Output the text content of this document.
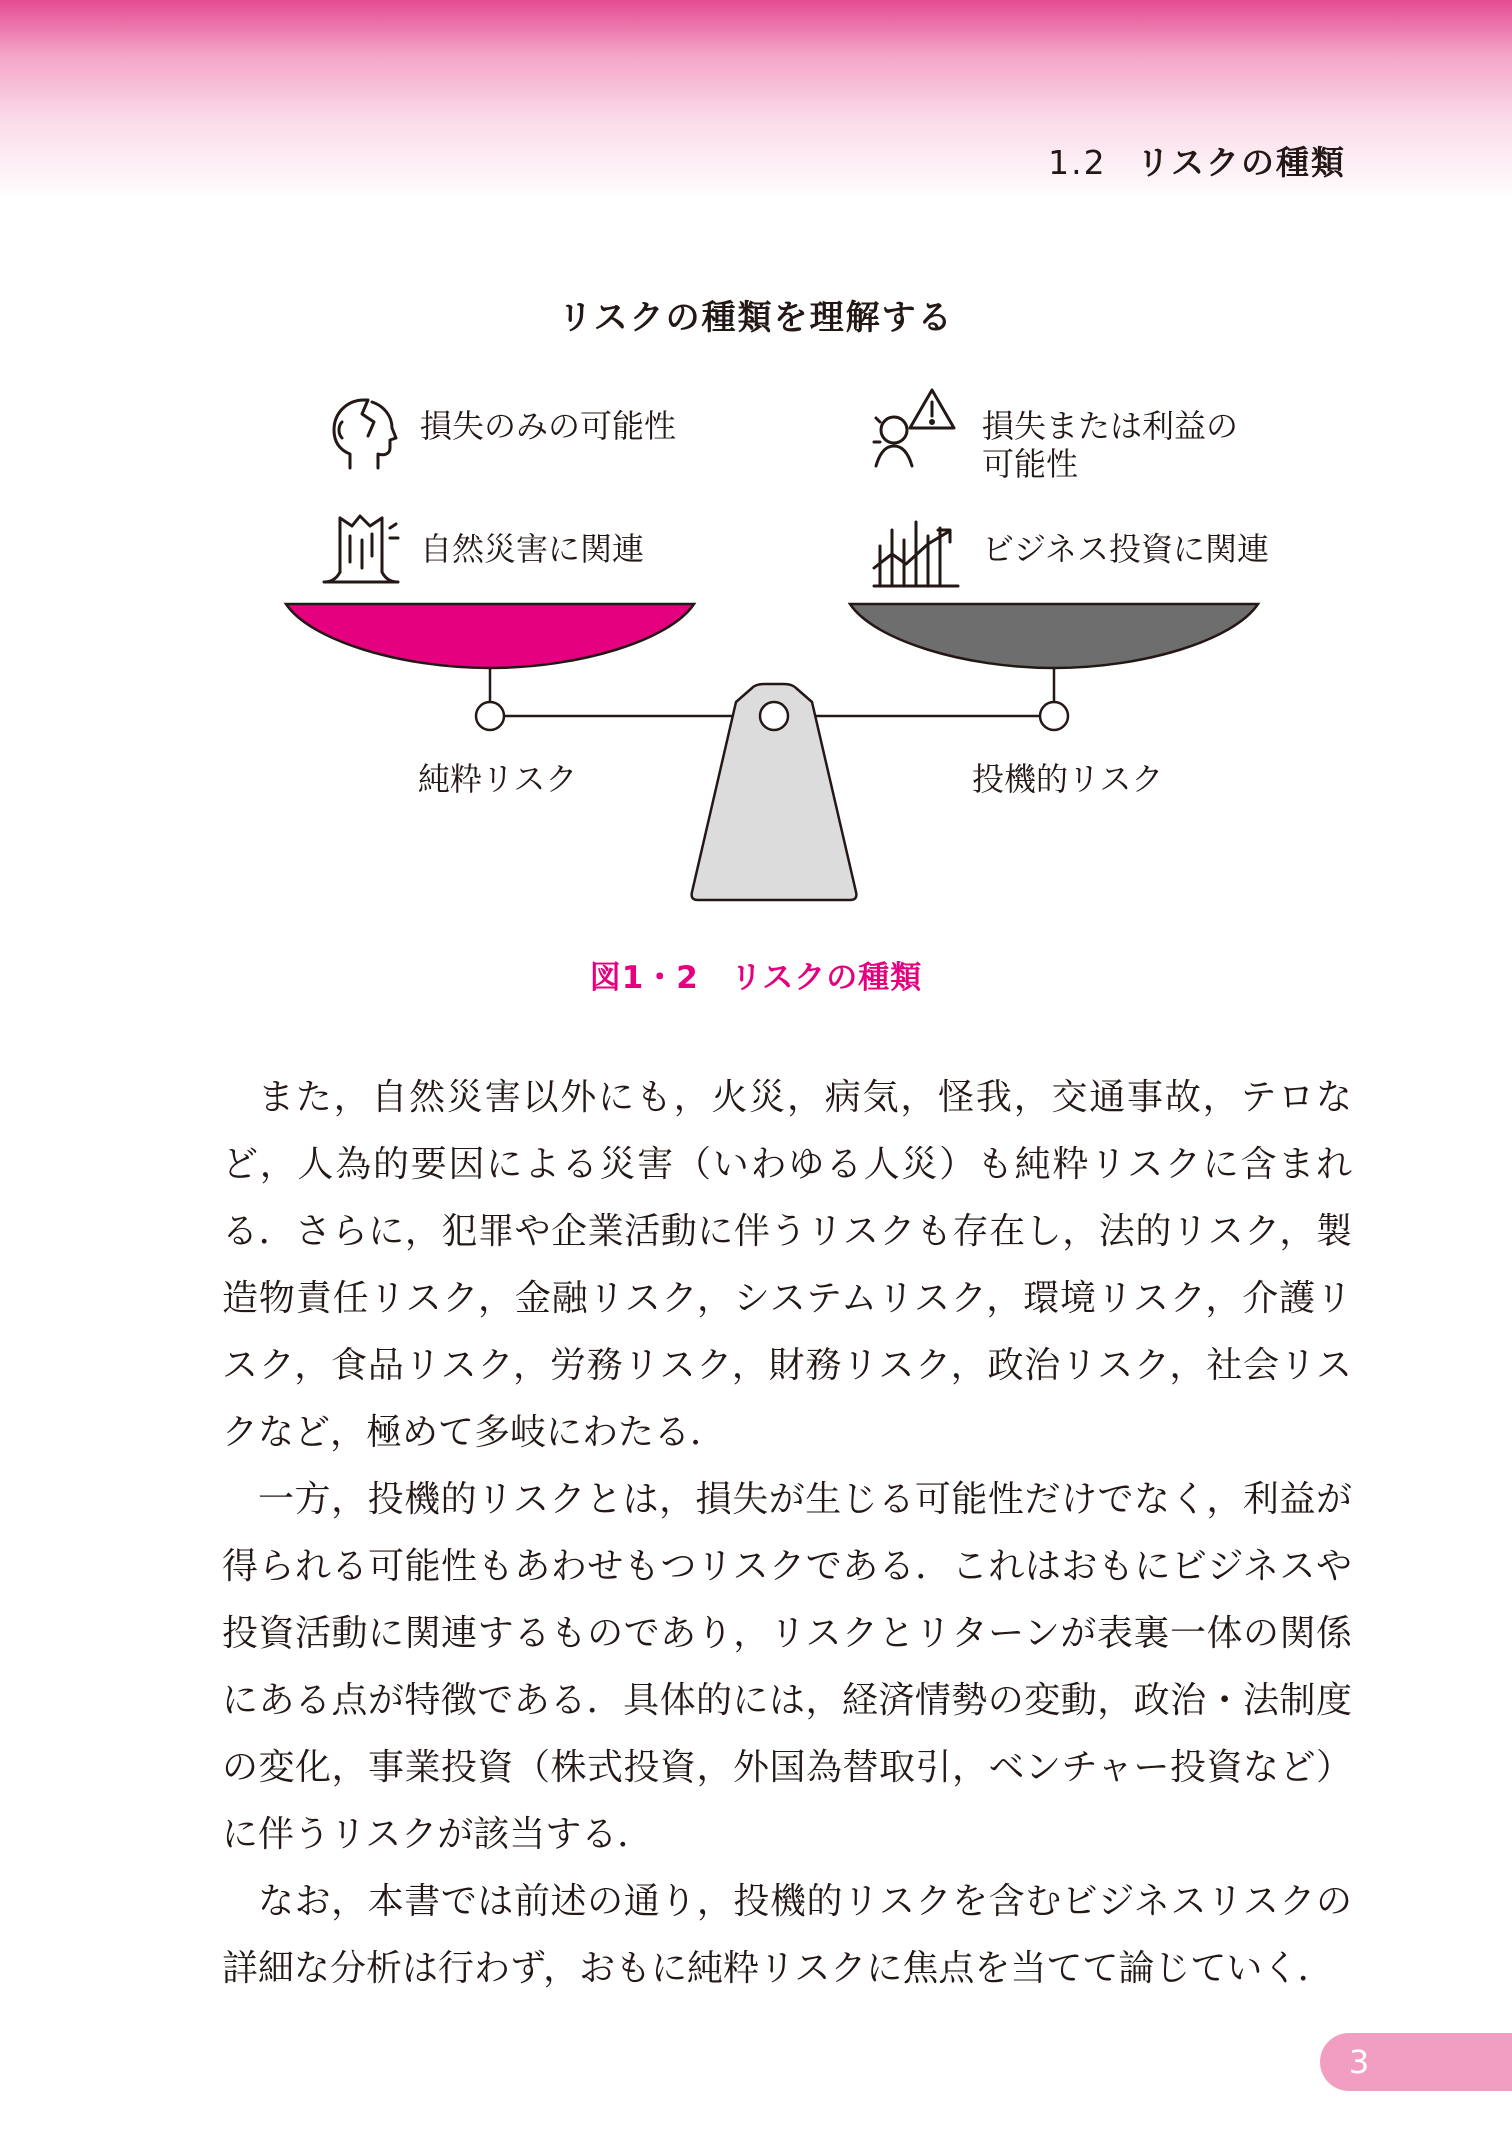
1.2 リスクの種類
リスクの種類を理解する
損失のみの可能性
自然災害に関連
損失または利益の
可能性
ビジネス投資に関連
純粋リスク	投機的リスク
図1・2　リスクの種類

また，自然災害以外にも，火災，病気，怪我，交通事故，テロなど，人為的要因による災害（いわゆる人災）も純粋リスクに含まれる．さらに，犯罪や企業活動に伴うリスクも存在し，法的リスク，製造物責任リスク，金融リスク，システムリスク，環境リスク，介護リスク，食品リスク，労務リスク，財務リスク，政治リスク，社会リスクなど，極めて多岐にわたる．

一方，投機的リスクとは，損失が生じる可能性だけでなく，利益が得られる可能性もあわせもつリスクである．これはおもにビジネスや投資活動に関連するものであり，リスクとリターンが表裏一体の関係にある点が特徴である．具体的には，経済情勢の変動，政治・法制度の変化，事業投資（株式投資，外国為替取引，ベンチャー投資など）に伴うリスクが該当する．

なお，本書では前述の通り，投機的リスクを含むビジネスリスクの詳細な分析は行わず，おもに純粋リスクに焦点を当てて論じていく．

3
